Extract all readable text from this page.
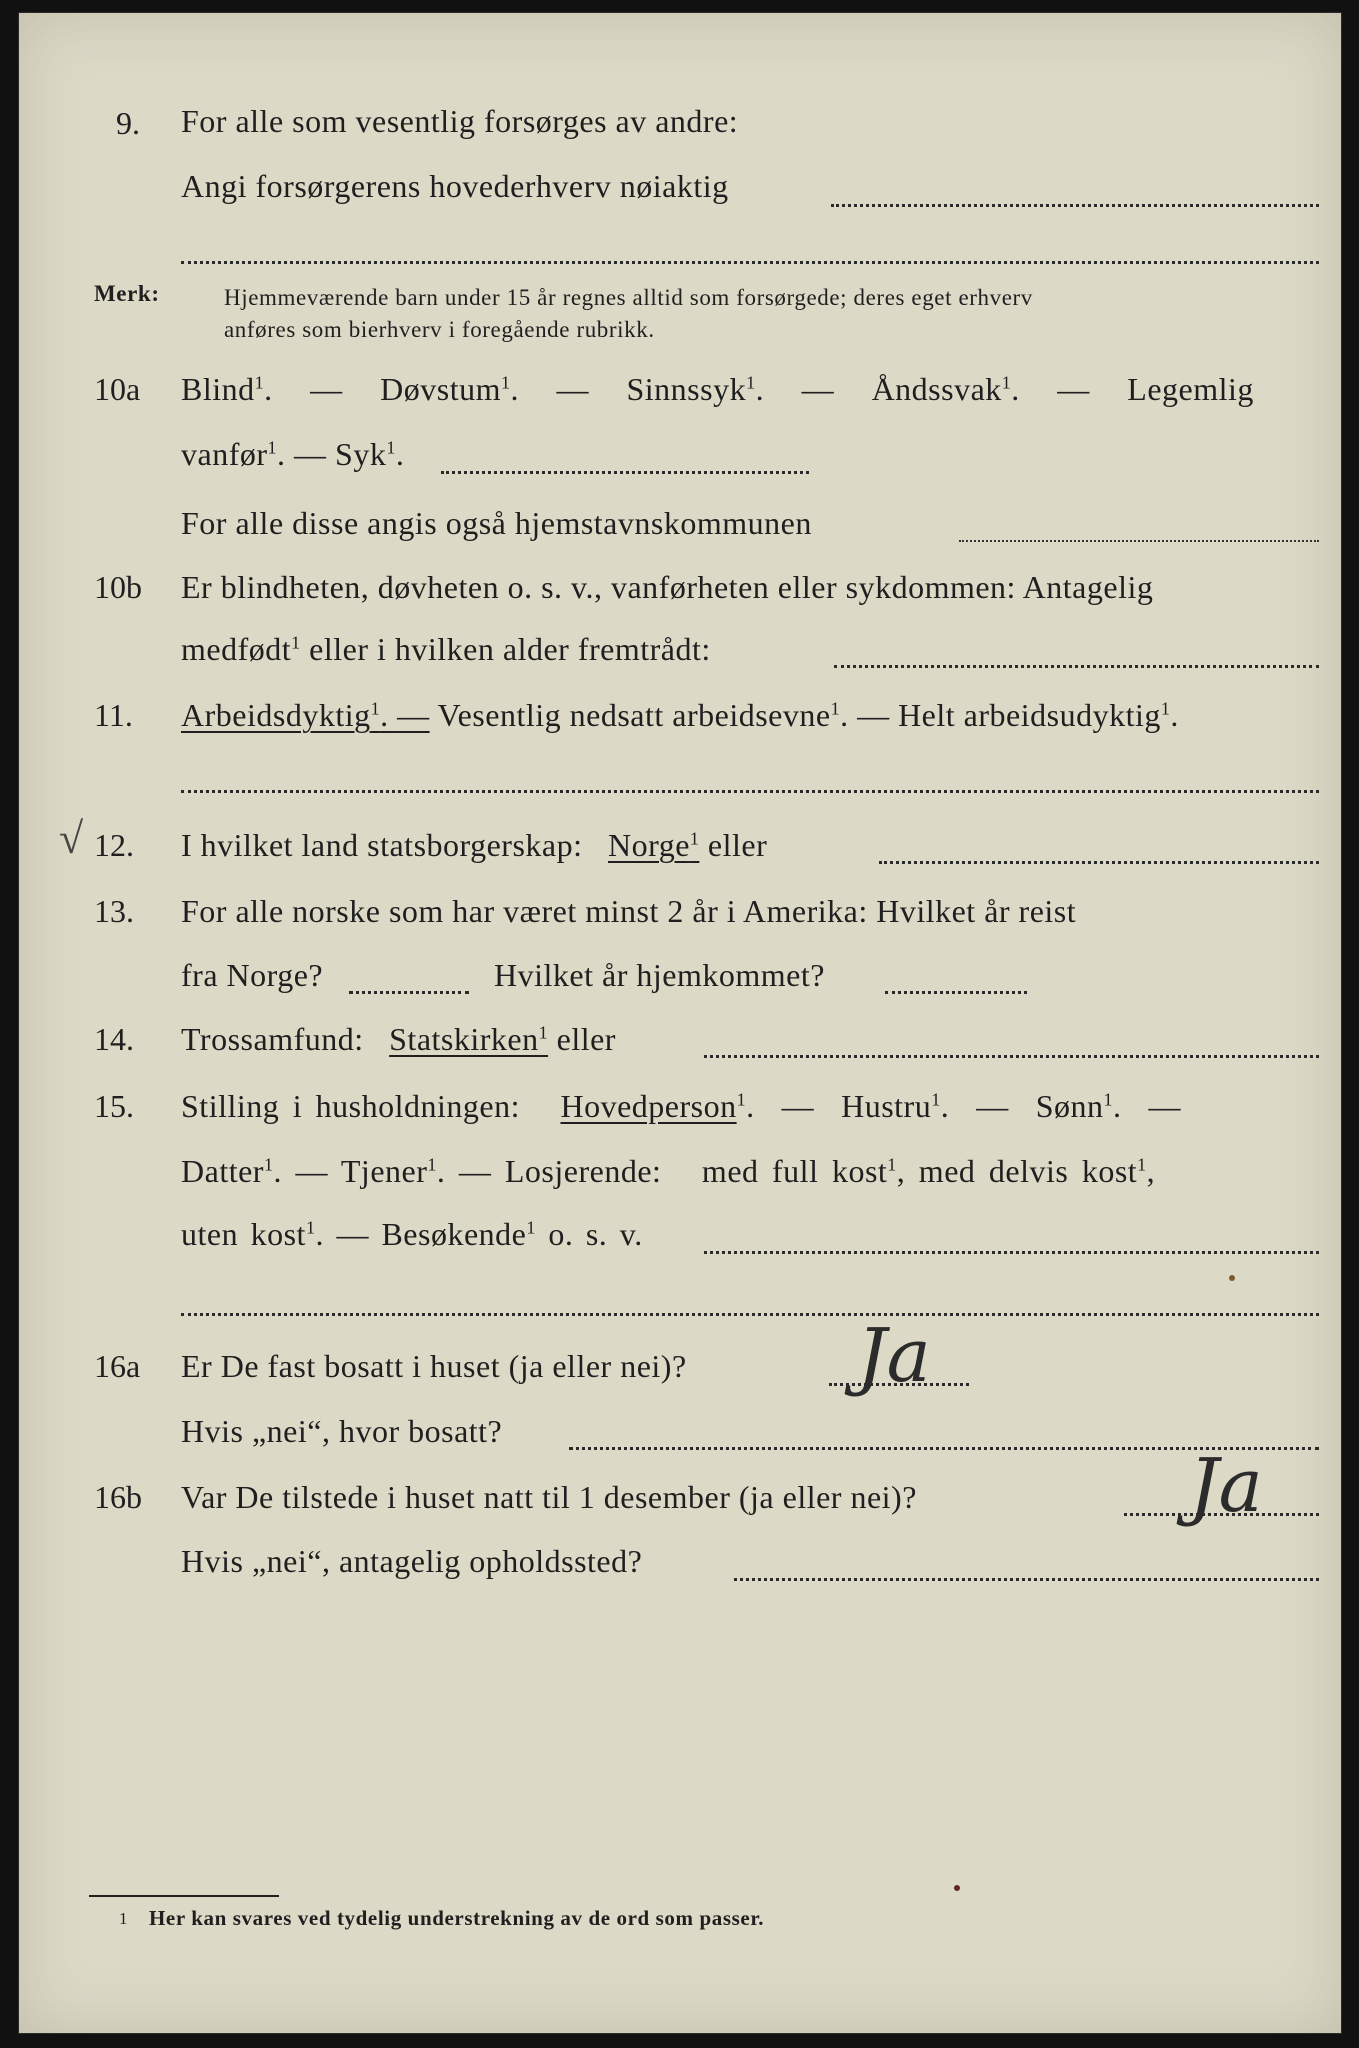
9. For alle som vesentlig forsørges av andre:
Angi forsørgerens hovederhverv nøiaktig
Merk:	Hjemmeværende barn under 15 år regnes alltid som forsørgede; deres eget erhverv
anføres som bierhverv i foregående rubrikk.
10a Blind$^1$. — Døvstum$^1$. — Sinnssyk$^1$. — Åndssvak$^1$. — Legemlig
vanfør$^1$. — Syk$^1$.
For alle disse angis også hjemstavnskommunen
10b Er blindheten, døvheten o. s. v., vanførheten eller sykdommen: Antagelig
medfødt$^1$ eller i hvilken alder fremtrådt:
11. Arbeidsdyktig$^1$. — Vesentlig nedsatt arbeidsevne$^1$. — Helt arbeidsudyktig$^1$.
√ 12. I hvilket land statsborgerskap: Norge$^1$ eller
13. For alle norske som har været minst 2 år i Amerika: Hvilket år reist
fra Norge?	Hvilket år hjemkommet?
14. Trossamfund: Statskirken$^1$ eller
15. Stilling i husholdningen: Hovedperson$^1$.  — Hustru$^1$.  — Sønn$^1$.  —
Datter$^1$. — Tjener$^1$. — Losjerende: med full kost$^1$, med delvis kost$^1$,
uten kost$^1$. — Besøkende$^1$ o. s. v.
16a Er De fast bosatt i huset (ja eller nei)? Ja
Hvis „nei“, hvor bosatt?
16b Var De tilstede i huset natt til 1 desember (ja eller nei)?	Ja
Hvis „nei“, antagelig opholdssted?
1 Her kan svares ved tydelig understrekning av de ord som passer.
